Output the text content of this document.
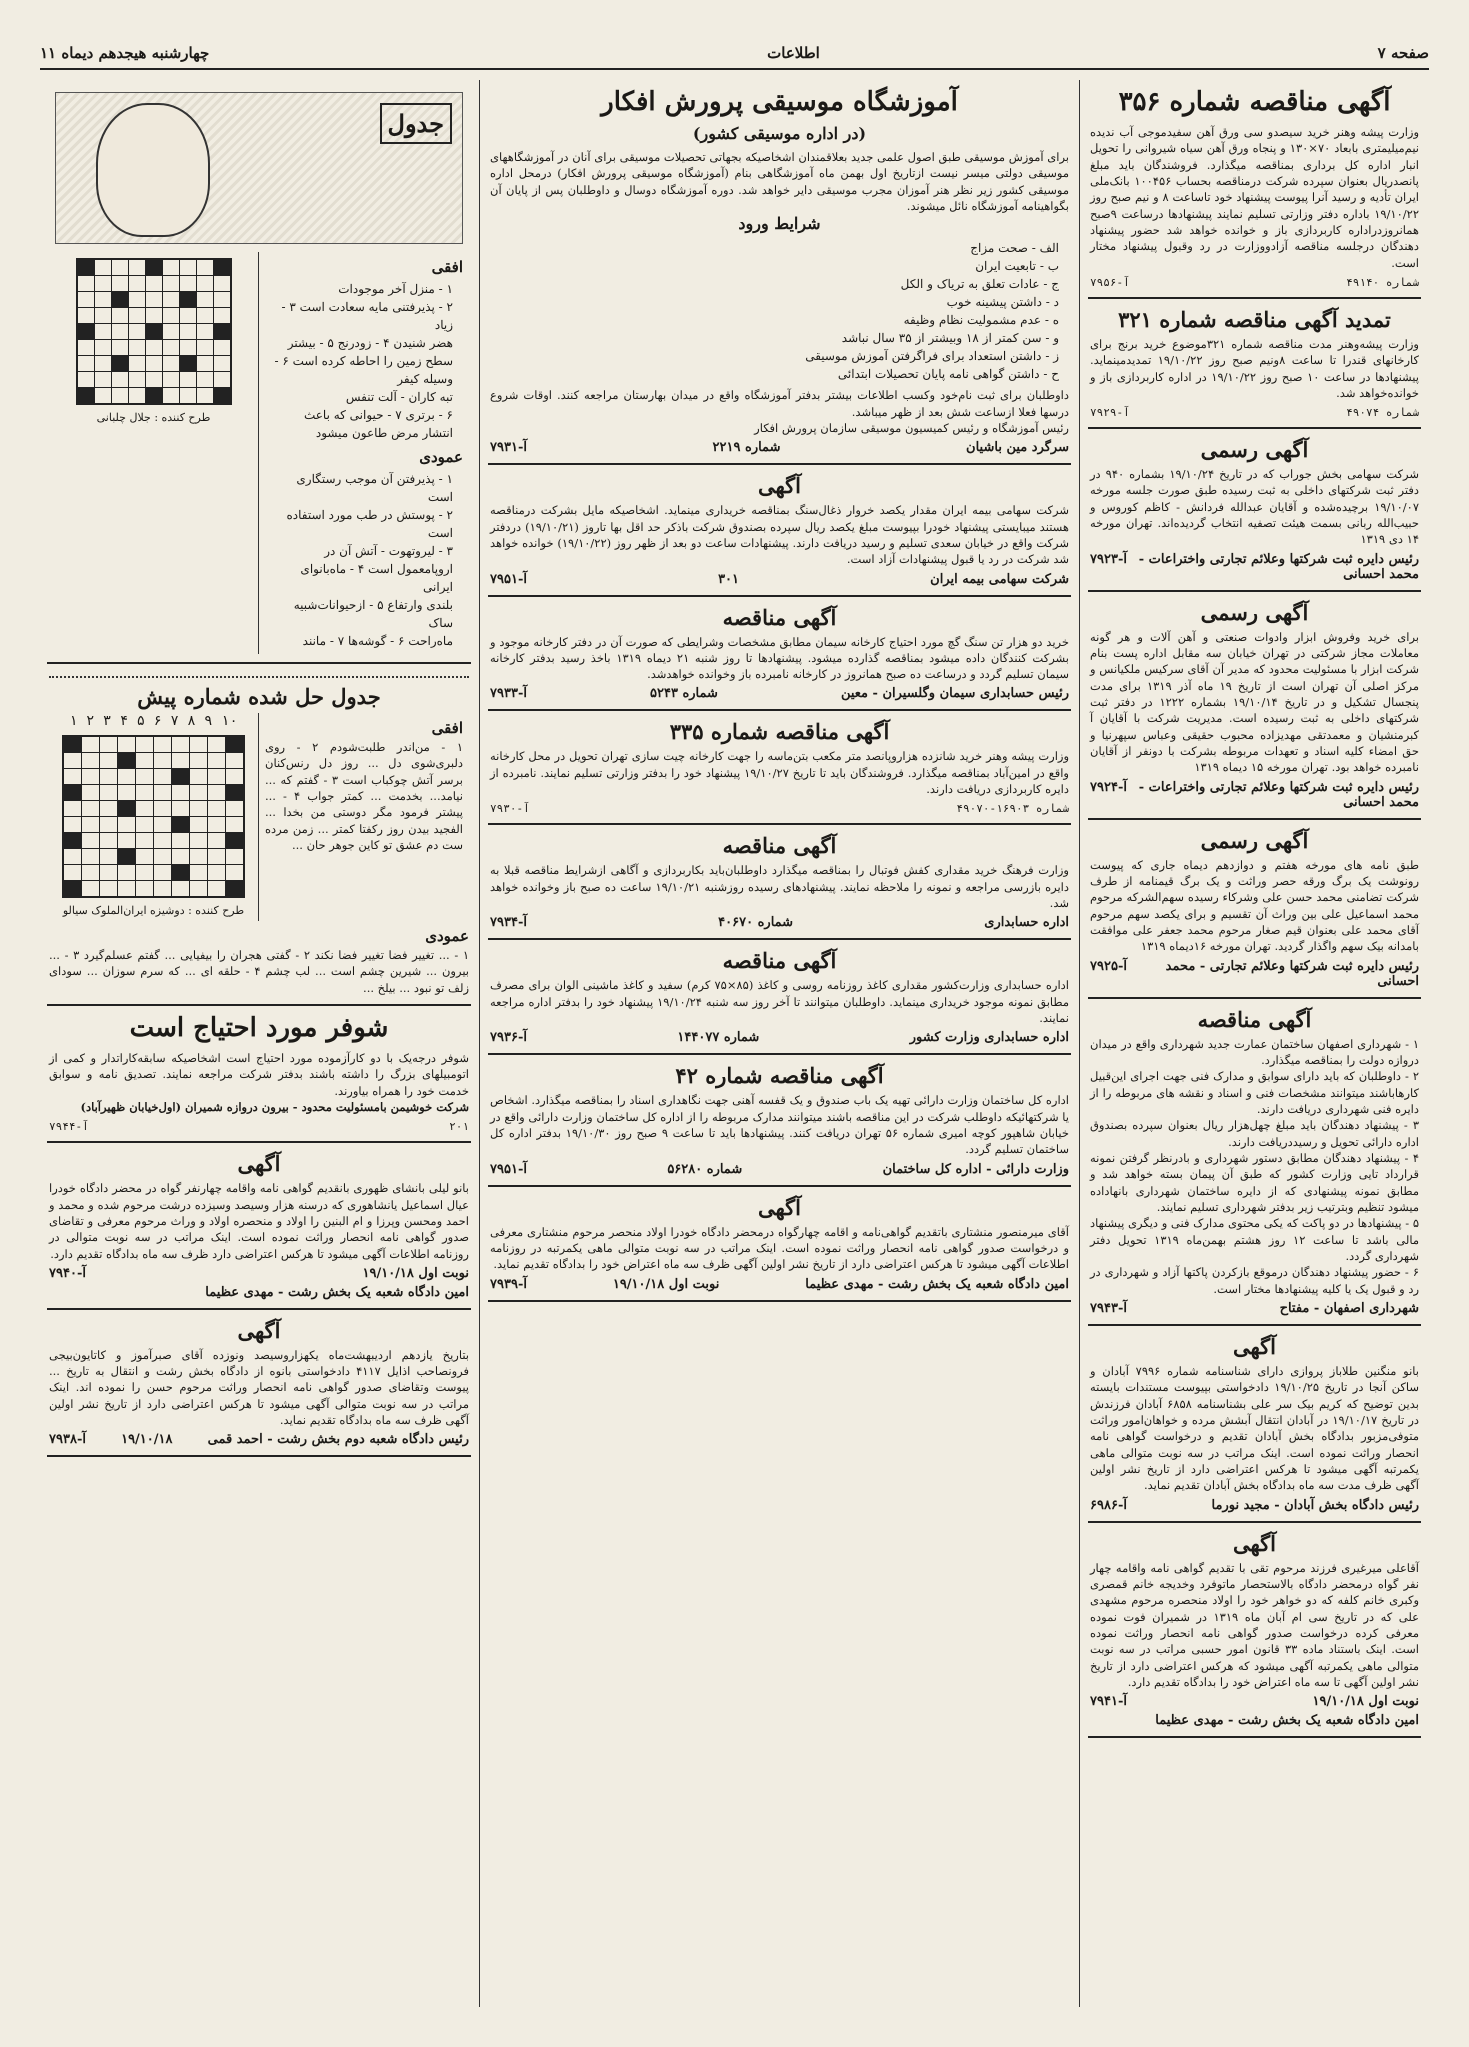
صفحه ۷
اطلاعات
چهارشنبه هیجدهم دیماه ۱۱
آگهی مناقصه شماره ۳۵۶
وزارت پیشه وهنر خرید سیصدو سی ورق آهن سفیدموجی آب ندیده نیم‌میلیمتری بابعاد ۷۰×۱۳۰ و پنجاه ورق آهن سیاه شیروانی را تحویل انبار اداره کل برداری بمناقصه میگذارد. فروشندگان باید مبلغ پانصدریال بعنوان سپرده شرکت درمناقصه بحساب ۱۰۰۴۵۶ بانک‌ملی ایران تأدیه و رسید آنرا پیوست پیشنهاد خود تاساعت ۸ و نیم صبح روز ۱۹/۱۰/۲۲ باداره دفتر وزارتی تسلیم نمایند پیشنهادها درساعت ۹صبح همانروزدراداره کاربردازی باز و خوانده خواهد شد حضور پیشنهاد دهندگان درجلسه مناقصه آزادووزارت در رد وقبول پیشنهاد مختار است.
شماره ۴۹۱۴۰
آ-۷۹۵۶
تمدید آگهی مناقصه شماره ۳۲۱
وزارت پیشه‌وهنر مدت مناقصه شماره ۳۲۱موضوع خرید برنج برای کارخانهای قندرا تا ساعت ۸ونیم صبح روز ۱۹/۱۰/۲۲ تمدیدمینماید. پیشنهادها در ساعت ۱۰ صبح روز ۱۹/۱۰/۲۲ در اداره کاربردازی باز و خوانده‌خواهد شد.
شماره ۴۹۰۷۴
آ-۷۹۲۹
آگهی رسمی
شرکت سهامی بخش جوراب که در تاریخ ۱۹/۱۰/۲۴ بشماره ۹۴۰ در دفتر ثبت شرکتهای داخلی به ثبت رسیده طبق صورت جلسه مورخه ۱۹/۱۰/۰۷ برچیده‌شده و آقایان عبدالله فردانش - کاظم کوروس و حبیب‌الله ربانی بسمت هیئت تصفیه انتخاب گردیده‌اند. تهران مورخه ۱۴ دی ۱۳۱۹
رئیس دایره ثبت شرکتها وعلائم تجارتی واختراعات - محمد احسانی
آ-۷۹۲۳
آگهی رسمی
برای خرید وفروش ابزار وادوات صنعتی و آهن آلات و هر گونه معاملات مجاز شرکتی در تهران خیابان سه مقابل اداره پست بنام شرکت ابزار با مسئولیت محدود که مدیر آن آقای سرکیس ملکیانس و مرکز اصلی آن تهران است از تاریخ ۱۹ ماه آذر ۱۳۱۹ برای مدت پنجسال تشکیل و در تاریخ ۱۹/۱۰/۱۴ بشماره ۱۲۲۲ در دفتر ثبت شرکتهای داخلی به ثبت رسیده است. مدیریت شرکت با آقایان آ کبرمنشیان و معمدتقی مهدیزاده محبوب حقیقی وعباس سپهرنیا و حق امضاء کلیه اسناد و تعهدات مربوطه بشرکت با دونفر از آقایان نامبرده خواهد بود. تهران مورخه ۱۵ دیماه ۱۳۱۹
رئیس دایره ثبت شرکتها وعلائم تجارتی واختراعات - محمد احسانی
آ-۷۹۲۴
آگهی رسمی
طبق نامه های مورخه هفتم و دوازدهم دیماه جاری که پیوست رونوشت یک برگ ورقه حصر وراثت و یک برگ قیمنامه از طرف شرکت تضامنی محمد حسن علی وشرکاء رسیده سهم‌الشرکه مرحوم محمد اسماعیل علی بین وراث آن تقسیم و برای یکصد سهم مرحوم آقای محمد علی بعنوان قیم صغار مرحوم محمد جعفر علی موافقت بامدانه بیک سهم واگذار گردید. تهران مورخه ۱۶دیماه ۱۳۱۹
رئیس دایره ثبت شرکتها وعلائم تجارتی - محمد احسانی
آ-۷۹۲۵
آگهی مناقصه
۱ - شهرداری اصفهان ساختمان عمارت جدید شهرداری واقع در میدان دروازه دولت را بمناقصه میگذارد.
۲ - داوطلبان که باید دارای سوابق و مدارک فنی جهت اجرای این‌قبیل کارهاباشند میتوانند مشخصات فنی و اسناد و نقشه های مربوطه را از دایره فنی شهرداری دریافت دارند.
۳ - پیشنهاد دهندگان باید مبلغ چهل‌هزار ریال بعنوان سپرده بصندوق اداره دارائی تحویل و رسیددریافت دارند.
۴ - پیشنهاد دهندگان مطابق دستور شهرداری و بادرنظر گرفتن نمونه قرارداد تایی وزارت کشور که طبق آن پیمان بسته خواهد شد و مطابق نمونه پیشنهادی که از دایره ساختمان شهرداری بانهاداده میشود تنظیم وبترتیب زیر بدفتر شهرداری تسلیم نمایند.
۵ - پیشنهادها در دو پاکت که یکی محتوی مدارک فنی و دیگری پیشنهاد مالی باشد تا ساعت ۱۲ روز هشتم بهمن‌ماه ۱۳۱۹ تحویل دفتر شهرداری گردد.
۶ - حضور پیشنهاد دهندگان درموقع بازکردن پاکتها آزاد و شهرداری در رد و قبول یک یا کلیه پیشنهادها مختار است.
شهرداری اصفهان - مفتاح
آ-۷۹۴۳
آگهی
بانو منگنین طلاباز پروازی دارای شناسنامه شماره ۷۹۹۶ آبادان و ساکن آنجا در تاریخ ۱۹/۱۰/۲۵ دادخواستی بپیوست مستندات بایسته بدین توضیح که کریم بیک سر علی بشناسنامه ۶۸۵۸ آبادان فرزندش در تاریخ ۱۹/۱۰/۱۷ در آبادان انتقال آبشش مرده و خواهان‌امور وراثت متوفی‌مزبور بدادگاه بخش آبادان تقدیم و درخواست گواهی نامه انحصار وراثت نموده است. اینک مراتب در سه نوبت متوالی ماهی یکمرتبه آگهی میشود تا هرکس اعتراضی دارد از تاریخ نشر اولین آگهی ظرف مدت سه ماه بدادگاه بخش آبادان تقدیم نماید.
رئیس دادگاه بخش آبادان - مجید نورما
آ-۶۹۸۶
آگهی
آقاعلی میرغیری فرزند مرحوم تقی با تقدیم گواهی نامه واقامه چهار نفر گواه درمحضر دادگاه بالاستحصار ماتوفرد وخدیجه خانم قمصری وکبری خانم کلفه که دو خواهر خود را اولاد منحصره مرحوم مشهدی علی که در تاریخ سی ام آبان ماه ۱۳۱۹ در شمیران فوت نموده معرفی کرده درخواست صدور گواهی نامه انحصار وراثت نموده است. اینک باستناد ماده ۳۳ قانون امور حسبی مراتب در سه نوبت متوالی ماهی یکمرتبه آگهی میشود که هرکس اعتراضی دارد از تاریخ نشر اولین آگهی تا سه ماه اعتراض خود را بدادگاه تقدیم دارد.
نوبت اول ۱۹/۱۰/۱۸
آ-۷۹۴۱
امین دادگاه شعبه یک بخش رشت - مهدی عظیما
آموزشگاه موسیقی پرورش افکار
(در اداره موسیقی کشور)
برای آموزش موسیقی طبق اصول علمی جدید بعلاقمندان اشخاصیکه بجهاتی تحصیلات موسیقی برای آنان در آموزشگاههای موسیقی دولتی میسر نیست ازتاریخ اول بهمن ماه آموزشگاهی بنام (آموزشگاه موسیقی پرورش افکار) درمحل اداره موسیقی کشور زیر نظر هنر آموزان مجرب موسیقی دایر خواهد شد. دوره آموزشگاه دوسال و داوطلبان پس از پایان آن بگواهینامه آموزشگاه نائل میشوند.
شرایط ورود
الف - صحت مزاج
ب - تابعیت ایران
ج - عادات تعلق به تریاک و الکل
د - داشتن پیشینه خوب
ه - عدم مشمولیت نظام وظیفه
و - سن کمتر از ۱۸ وبیشتر از ۳۵ سال نباشد
ز - داشتن استعداد برای فراگرفتن آموزش موسیقی
ح - داشتن گواهی نامه پایان تحصیلات ابتدائی
داوطلبان برای ثبت نام‌خود وکسب اطلاعات بیشتر بدفتر آموزشگاه واقع در میدان بهارستان مراجعه کنند. اوقات شروع درسها فعلا ازساعت شش بعد از ظهر میباشد.
رئیس آموزشگاه و رئیس کمیسیون موسیقی سازمان پرورش افکار
سرگرد مین باشیان
شماره ۲۲۱۹
آ-۷۹۳۱
آگهی
شرکت سهامی بیمه ایران مقدار یکصد خروار ذغال‌سنگ بمناقصه خریداری مینماید. اشخاصیکه مایل بشرکت درمناقصه هستند میبایستی پیشنهاد خودرا بپیوست مبلغ یکصد ریال سپرده بصندوق شرکت باذکر حد اقل بها تاروز (۱۹/۱۰/۲۱) دردفتر شرکت واقع در خیابان سعدی تسلیم و رسید دریافت دارند. پیشنهادات ساعت دو بعد از ظهر روز (۱۹/۱۰/۲۲) خوانده خواهد شد شرکت در رد یا قبول پیشنهادات آزاد است.
شرکت سهامی بیمه ایران
۳۰۱
آ-۷۹۵۱
آگهی مناقصه
خرید دو هزار تن سنگ گچ مورد احتیاج کارخانه سیمان مطابق مشخصات وشرایطی که صورت آن در دفتر کارخانه موجود و بشرکت کنندگان داده میشود بمناقصه گذارده میشود. پیشنهادها تا روز شنبه ۲۱ دیماه ۱۳۱۹ باخذ رسید بدفتر کارخانه سیمان تسلیم گردد و درساعت ده صبح همانروز در کارخانه نامبرده باز وخوانده خواهدشد.
رئیس حسابداری سیمان وگلسیران - معین
شماره ۵۲۴۳
آ-۷۹۳۳
آگهی مناقصه شماره ۳۳۵
وزارت پیشه وهنر خرید شانزده هزاروپانصد متر مکعب بتن‌ماسه را جهت کارخانه چیت سازی تهران تحویل در محل کارخانه واقع در امین‌آباد بمناقصه میگذارد. فروشندگان باید تا تاریخ ۱۹/۱۰/۲۷ پیشنهاد خود را بدفتر وزارتی تسلیم نمایند. نامبرده از دایره کاربردازی دریافت دارند.
شماره ۱۶۹۰۳-۴۹۰۷۰
آ-۷۹۳۰
آگهی مناقصه
وزارت فرهنگ خرید مقداری کفش فوتبال را بمناقصه میگذارد داوطلبان‌باید بکاربردازی و آگاهی ازشرایط مناقصه قبلا به دایره بازرسی مراجعه و نمونه را ملاحظه نمایند. پیشنهادهای رسیده روز‌شنبه ۱۹/۱۰/۲۱ ساعت ده صبح باز وخوانده خواهد شد.
اداره حسابداری
شماره ۴۰۶۷۰
آ-۷۹۳۴
آگهی مناقصه
اداره حسابداری وزارت‌کشور مقداری کاغذ روزنامه روسی و کاغذ (۸۵×۷۵ کرم) سفید و کاغذ ماشینی الوان برای مصرف مطابق نمونه موجود خریداری مینماید. داوطلبان میتوانند تا آخر روز سه شنبه ۱۹/۱۰/۲۴ پیشنهاد خود را بدفتر اداره مراجعه نمایند.
اداره حسابداری وزارت کشور
شماره ۱۴۴۰۷۷
آ-۷۹۳۶
آگهی مناقصه شماره ۴۲
اداره کل ساختمان وزارت دارائی تهیه یک باب صندوق و یک قفسه آهنی جهت نگاهداری اسناد را بمناقصه میگذارد. اشخاص یا شرکتهائیکه داوطلب شرکت در این مناقصه باشند میتوانند مدارک مربوطه را از اداره کل ساختمان وزارت دارائی واقع در خیابان شاهپور کوچه امیری شماره ۵۶ تهران دریافت کنند. پیشنهادها باید تا ساعت ۹ صبح روز ۱۹/۱۰/۳۰ بدفتر اداره کل ساختمان تسلیم گردد.
وزارت دارائی - اداره کل ساختمان
شماره ۵۶۲۸۰
آ-۷۹۵۱
آگهی
آقای میرمنصور منشتاری باتقدیم گواهی‌نامه و اقامه چهارگواه درمحضر دادگاه خودرا اولاد منحصر مرحوم منشتاری معرفی و درخواست صدور گواهی نامه انحصار وراثت نموده است. اینک مراتب در سه نوبت متوالی ماهی یکمرتبه در روزنامه اطلاعات آگهی میشود تا هرکس اعتراضی دارد از تاریخ نشر اولین آگهی ظرف سه ماه اعتراض خود را بدادگاه تقدیم نماید.
امین دادگاه شعبه یک بخش رشت - مهدی عظیما
نوبت اول ۱۹/۱۰/۱۸
آ-۷۹۳۹
جدول
افقی
۱ - منزل آخر موجودات
۲ - پذیرفتنی مایه سعادت است ۳ - زیاد
هضر شنیدن ۴ - زودرنج ۵ - بیشتر سطح زمین را احاطه کرده است ۶ - وسیله کیفر
تبه کاران - آلت تنفس
۶ - برتری ۷ - حیوانی که باعث انتشار مرض طاعون میشود
عمودی
۱ - پذیرفتن آن موجب رستگاری است
۲ - پوستش در طب مورد استفاده است
۳ - لیروتهوت - آتش آن در اروپامعمول است ۴ - ماه‌بانوای ایرانی
بلندی وارتفاع ۵ - ازحیوانات‌شبیه ساک
ماه‌راحت ۶ - گوشه‌ها ۷ - مانند
طرح کننده : جلال چلبانی
جدول حل شده شماره پیش
افقی
۱ - من‌اندر طلبت‌شودم ۲ - روی دلبری‌شوی دل ... روز دل رنس‌کنان برسر آتش چوکباب است ۳ - گفتم که ... نیامد... بخدمت ... کمتر جواب ۴ - ... پیشتر فرمود مگر دوستی من بخدا ... الفجید بیدن روز رکفتا کمتر ... زمن مرده ست دم عشق تو کاین جوهر حان ...
۱۰ ۹ ۸ ۷ ۶ ۵ ۴ ۳ ۲ ۱
طرح کننده : دوشیزه ایران‌الملوک سیالو
عمودی
۱ - ... تغییر فضا تغییر فضا نکند ۲ - گفتی هجران را بیفیایی ... گفتم عسلم‌گیرد ۳ - ... بیرون ... شیرین چشم است ... لب چشم ۴ - حلقه ای ... که سرم سوزان ... سودای زلف تو نبود ... بیلخ ...
شوفر مورد احتیاج است
شوفر درجه‌یک با دو کارآزموده مورد احتیاج است اشخاصیکه سابقه‌کاراتدار و کمی از اتومبیلهای بزرگ را داشته باشند بدفتر شرکت مراجعه نمایند. تصدیق نامه و سوابق خدمت خود را همراه بیاورند.
شرکت خوشیمن بامسئولیت محدود - بیرون دروازه شمیران (اول‌خیابان ظهیرآباد)
۲۰۱
آ-۷۹۴۴
آگهی
بانو لیلی بانشای ظهوری بانقدیم گواهی نامه واقامه چهارنفر گواه در محضر دادگاه خودرا عیال اسماعیل یانشاهوری که درسنه هزار وسیصد وسیزده درشت مرحوم شده و محمد و احمد ومحسن وپرزا و ام البنین را اولاد و منحصره اولاد و وراث مرحوم معرفی و تقاضای صدور گواهی نامه انحصار وراثت نموده است. اینک مراتب در سه نوبت متوالی در روزنامه اطلاعات آگهی میشود تا هرکس اعتراضی دارد ظرف سه ماه بدادگاه تقدیم دارد.
نوبت اول ۱۹/۱۰/۱۸
آ-۷۹۴۰
امین دادگاه شعبه یک بخش رشت - مهدی عظیما
آگهی
بتاریخ یازدهم اردیبهشت‌ماه یکهزاروسیصد ونوزده آقای صبرآموز و کاتایون‌بیجی فرونصاحب اذایل ۴۱۱۷ دادخواستی بانوه از دادگاه بخش رشت و انتقال به تاریخ ... پیوست وتقاضای صدور گواهی نامه انحصار وراثت مرحوم حسن را نموده اند. اینک مراتب در سه نوبت متوالی آگهی میشود تا هرکس اعتراضی دارد از تاریخ نشر اولین آگهی ظرف سه ماه بدادگاه تقدیم نماید.
رئیس دادگاه شعبه دوم بخش رشت - احمد قمی
۱۹/۱۰/۱۸
آ-۷۹۳۸
